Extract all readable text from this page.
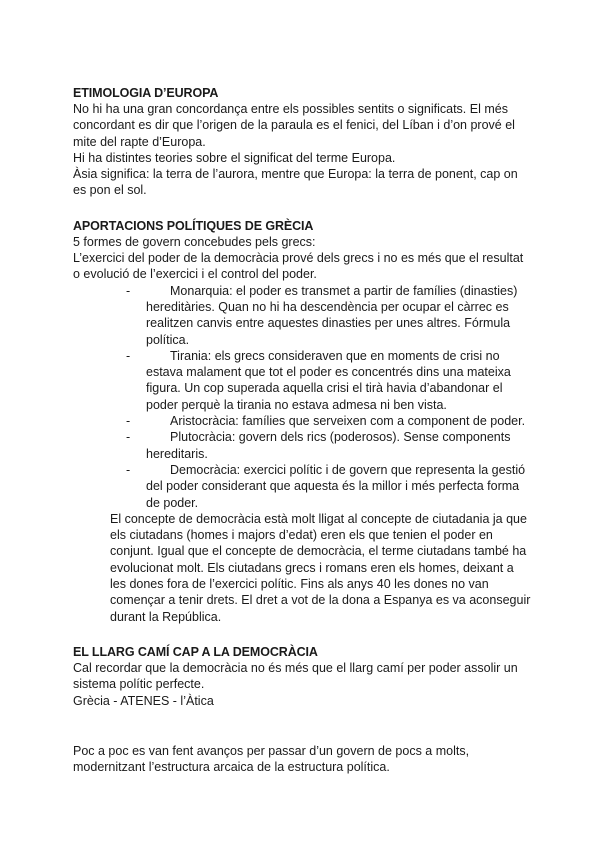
ETIMOLOGIA D’EUROPA

No hi ha una gran concordança entre els possibles sentits o significats. El més concordant es dir que l’origen de la paraula es el fenici, del Líban i d’on prové el mite del rapte d’Europa.

Hi ha distintes teories sobre el significat del terme Europa.

Àsia significa: la terra de l’aurora, mentre que Europa: la terra de ponent, cap on es pon el sol.

APORTACIONS POLÍTIQUES DE GRÈCIA

5 formes de govern concebudes pels grecs:

L’exercici del poder de la democràcia prové dels grecs i no es més que el resultat o evolució de l’exercici i el control del poder.

-	Monarquia: el poder es transmet a partir de famílies (dinasties) hereditàries. Quan no hi ha descendència per ocupar el càrrec es realitzen canvis entre aquestes dinasties per unes altres. Fórmula política.
-	Tirania: els grecs consideraven que en moments de crisi no estava malament que tot el poder es concentrés dins una mateixa figura. Un cop superada aquella crisi el tirà havia d’abandonar el poder perquè la tirania no estava admesa ni ben vista.
-	Aristocràcia: famílies que serveixen com a component de poder.
-	Plutocràcia: govern dels rics (poderosos). Sense components hereditaris.
-	Democràcia: exercici polític i de govern que representa la gestió del poder considerant que aquesta és la millor i més perfecta forma de poder.

El concepte de democràcia està molt lligat al concepte de ciutadania ja que els ciutadans (homes i majors d’edat) eren els que tenien el poder en conjunt. Igual que el concepte de democràcia, el terme ciutadans també ha evolucionat molt. Els ciutadans grecs i romans eren els homes, deixant a les dones fora de l’exercici polític. Fins als anys 40 les dones no van començar a tenir drets. El dret a vot de la dona a Espanya es va aconseguir durant la República.

EL LLARG CAMÍ CAP A LA DEMOCRÀCIA

Cal recordar que la democràcia no és més que el llarg camí per poder assolir un sistema polític perfecte.

Grècia - ATENES - l’Àtica

Poc a poc es van fent avanços per passar d’un govern de pocs a molts, modernitzant l’estructura arcaica de la estructura política.
